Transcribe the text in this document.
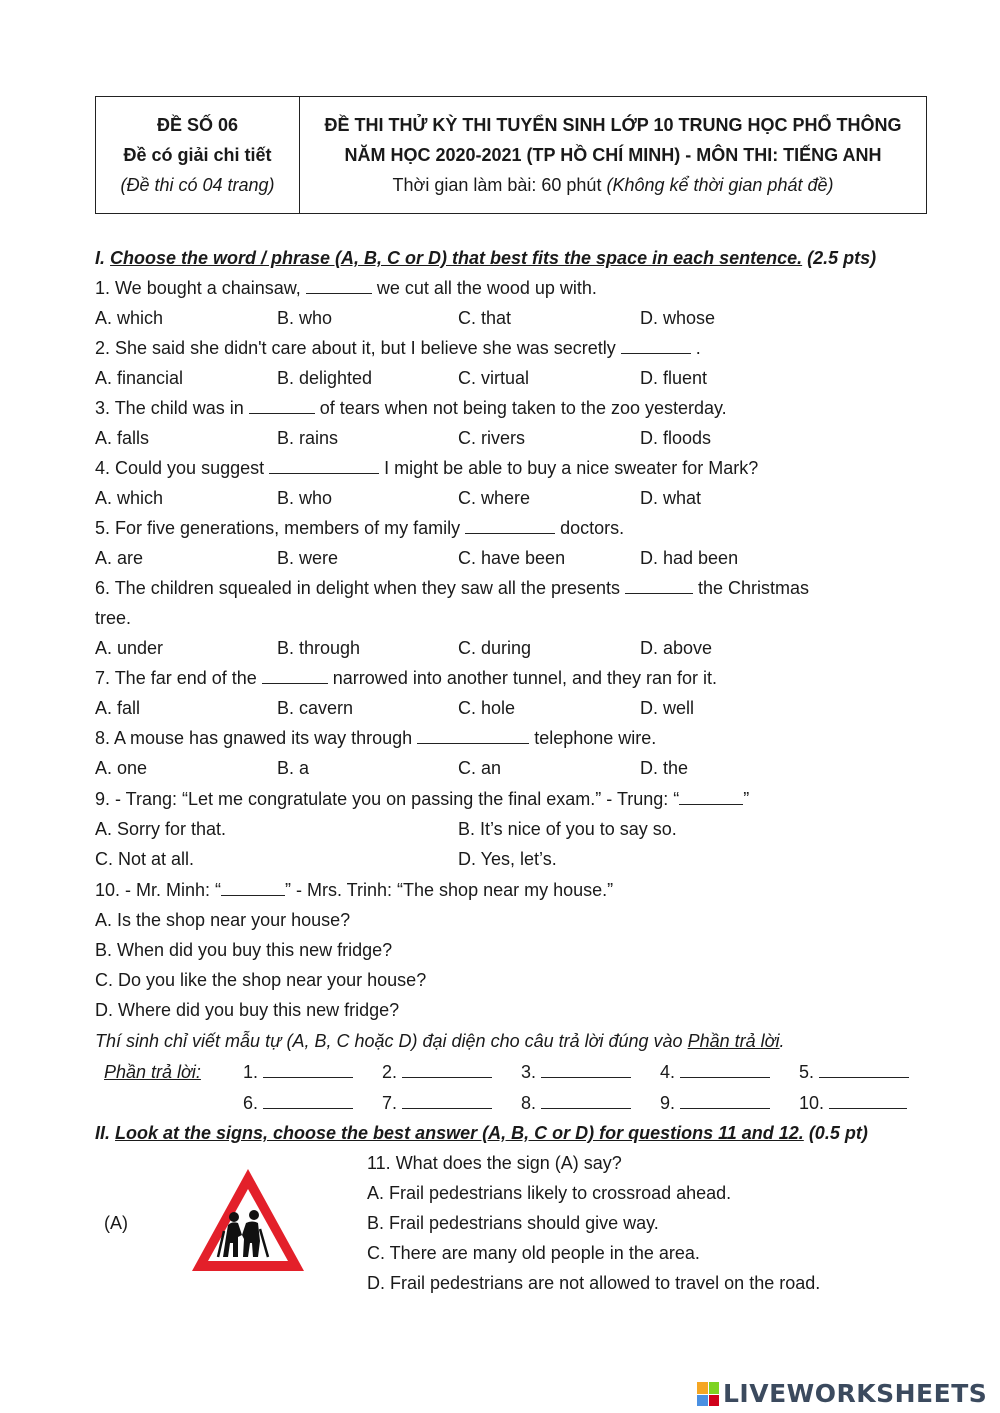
ĐỀ SỐ 06
Đề có giải chi tiết
(Đề thi có 04 trang)
ĐỀ THI THỬ KỲ THI TUYỂN SINH LỚP 10 TRUNG HỌC PHỔ THÔNG
NĂM HỌC 2020-2021 (TP HỒ CHÍ MINH) - MÔN THI: TIẾNG ANH
Thời gian làm bài: 60 phút (Không kể thời gian phát đề)
I. Choose the word / phrase (A, B, C or D) that best fits the space in each sentence. (2.5 pts)
1. We bought a chainsaw,	we cut all the wood up with.
A. which	B. who	C. that	D. whose
2. She said she didn't care about it, but I believe she was secretly	.
A. financial	B. delighted	C. virtual	D. fluent
3. The child was in	of tears when not being taken to the zoo yesterday.
A. falls	B. rains	C. rivers	D. floods
4. Could you suggest	I might be able to buy a nice sweater for Mark?
A. which	B. who	C. where	D. what
5. For five generations, members of my family	doctors.
A. are	B. were	C. have been	D. had been
6. The children squealed in delight when they saw all the presents	the Christmas
tree.
A. under	B. through	C. during	D. above
7. The far end of the	narrowed into another tunnel, and they ran for it.
A. fall	B. cavern	C. hole	D. well
8. A mouse has gnawed its way through	telephone wire.
A. one	B. a	C. an	D. the
9. - Trang: “Let me congratulate you on passing the final exam.” - Trung: “	”
A. Sorry for that.	B. It’s nice of you to say so.
C. Not at all.	D. Yes, let’s.
10. - Mr. Minh: “	” - Mrs. Trinh: “The shop near my house.”
A. Is the shop near your house?
B. When did you buy this new fridge?
C. Do you like the shop near your house?
D. Where did you buy this new fridge?
Thí sinh chỉ viết mẫu tự (A, B, C hoặc D) đại diện cho câu trả lời đúng vào Phần trả lời.
Phần trả lời: 1.	2.	3.	4.	5.
6.	7.	8.	9.	10.
II. Look at the signs, choose the best answer (A, B, C or D) for questions 11 and 12. (0.5 pt)
11. What does the sign (A) say?
A. Frail pedestrians likely to crossroad ahead.
B. Frail pedestrians should give way.
C. There are many old people in the area.
D. Frail pedestrians are not allowed to travel on the road.
(A)
LIVEWORKSHEETS
